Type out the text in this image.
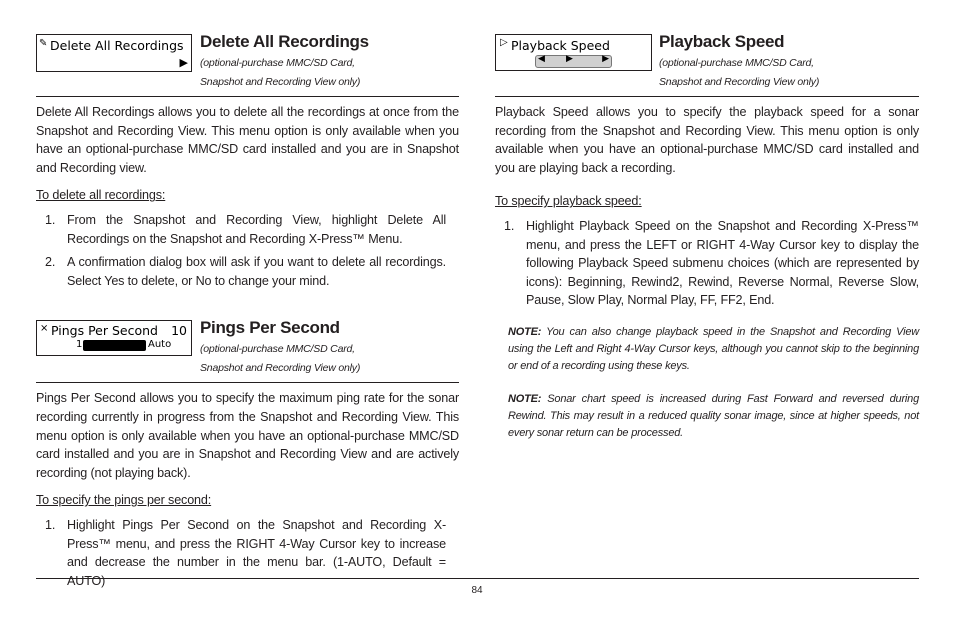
✎ Delete All Recordings
▶
Delete All Recordings
(optional-purchase MMC/SD Card,
Snapshot and Recording View only)

Delete All Recordings allows you to delete all the recordings at once from the Snapshot and Recording View. This menu option is only available when you have an optional-purchase MMC/SD card installed and you are in Snapshot and Recording view.

To delete all recordings:

1. From the Snapshot and Recording View, highlight Delete All Recordings on the Snapshot and Recording X-Press™ Menu.
2. A confirmation dialog box will ask if you want to delete all recordings. Select Yes to delete, or No to change your mind.
⨯ Pings Per Second 10
1	Auto
Pings Per Second
(optional-purchase MMC/SD Card,
Snapshot and Recording View only)

Pings Per Second allows you to specify the maximum ping rate for the sonar recording currently in progress from the Snapshot and Recording View. This menu option is only available when you have an optional-purchase MMC/SD card installed and you are in Snapshot and Recording View and are actively recording (not playing back).

To specify the pings per second:

1. Highlight Pings Per Second on the Snapshot and Recording X-Press™ menu, and press the RIGHT 4-Way Cursor key to increase and decrease the number in the menu bar. (1-AUTO, Default = AUTO)
▷ Playback Speed
◀ ▶	▶
Playback Speed
(optional-purchase MMC/SD Card,
Snapshot and Recording View only)

Playback Speed allows you to specify the playback speed for a sonar recording from the Snapshot and Recording View. This menu option is only available when you have an optional-purchase MMC/SD card installed and you are playing back a recording.

To specify playback speed:

1. Highlight Playback Speed on the Snapshot and Recording X-Press™ menu, and press the LEFT or RIGHT 4-Way Cursor key to display the following Playback Speed submenu choices (which are represented by icons): Beginning, Rewind2, Rewind, Reverse Normal, Reverse Slow, Pause, Slow Play, Normal Play, FF, FF2, End.

NOTE: You can also change playback speed in the Snapshot and Recording View using the Left and Right 4-Way Cursor keys, although you cannot skip to the beginning or end of a recording using these keys.

NOTE: Sonar chart speed is increased during Fast Forward and reversed during Rewind. This may result in a reduced quality sonar image, since at higher speeds, not every sonar return can be processed.

84
